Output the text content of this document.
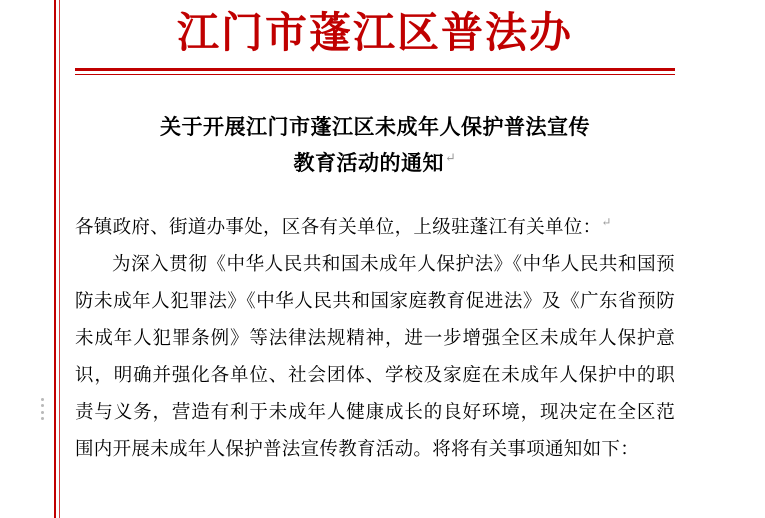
江门市蓬江区普法办
关于开展江门市蓬江区未成年人保护普法宣传
教育活动的通知↵

各镇政府、街道办事处，区各有关单位，上级驻蓬江有关单位：↵

为深入贯彻《中华人民共和国未成年人保护法》《中华人民共和国预防未成年人犯罪法》《中华人民共和国家庭教育促进法》及《广东省预防未成年人犯罪条例》等法律法规精神，进一步增强全区未成年人保护意识，明确并强化各单位、社会团体、学校及家庭在未成年人保护中的职责与义务，营造有利于未成年人健康成长的良好环境，现决定在全区范围内开展未成年人保护普法宣传教育活动。将将有关事项通知如下：
